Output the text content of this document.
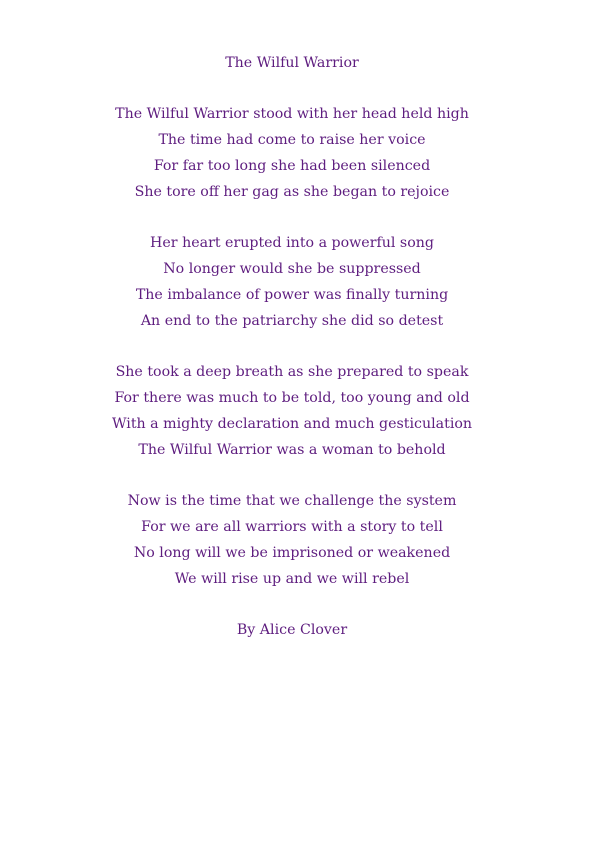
The Wilful Warrior
The Wilful Warrior stood with her head held high
The time had come to raise her voice
For far too long she had been silenced
She tore off her gag as she began to rejoice
Her heart erupted into a powerful song
No longer would she be suppressed
The imbalance of power was finally turning
An end to the patriarchy she did so detest
She took a deep breath as she prepared to speak
For there was much to be told, too young and old
With a mighty declaration and much gesticulation
The Wilful Warrior was a woman to behold
Now is the time that we challenge the system
For we are all warriors with a story to tell
No long will we be imprisoned or weakened
We will rise up and we will rebel
By Alice Clover
